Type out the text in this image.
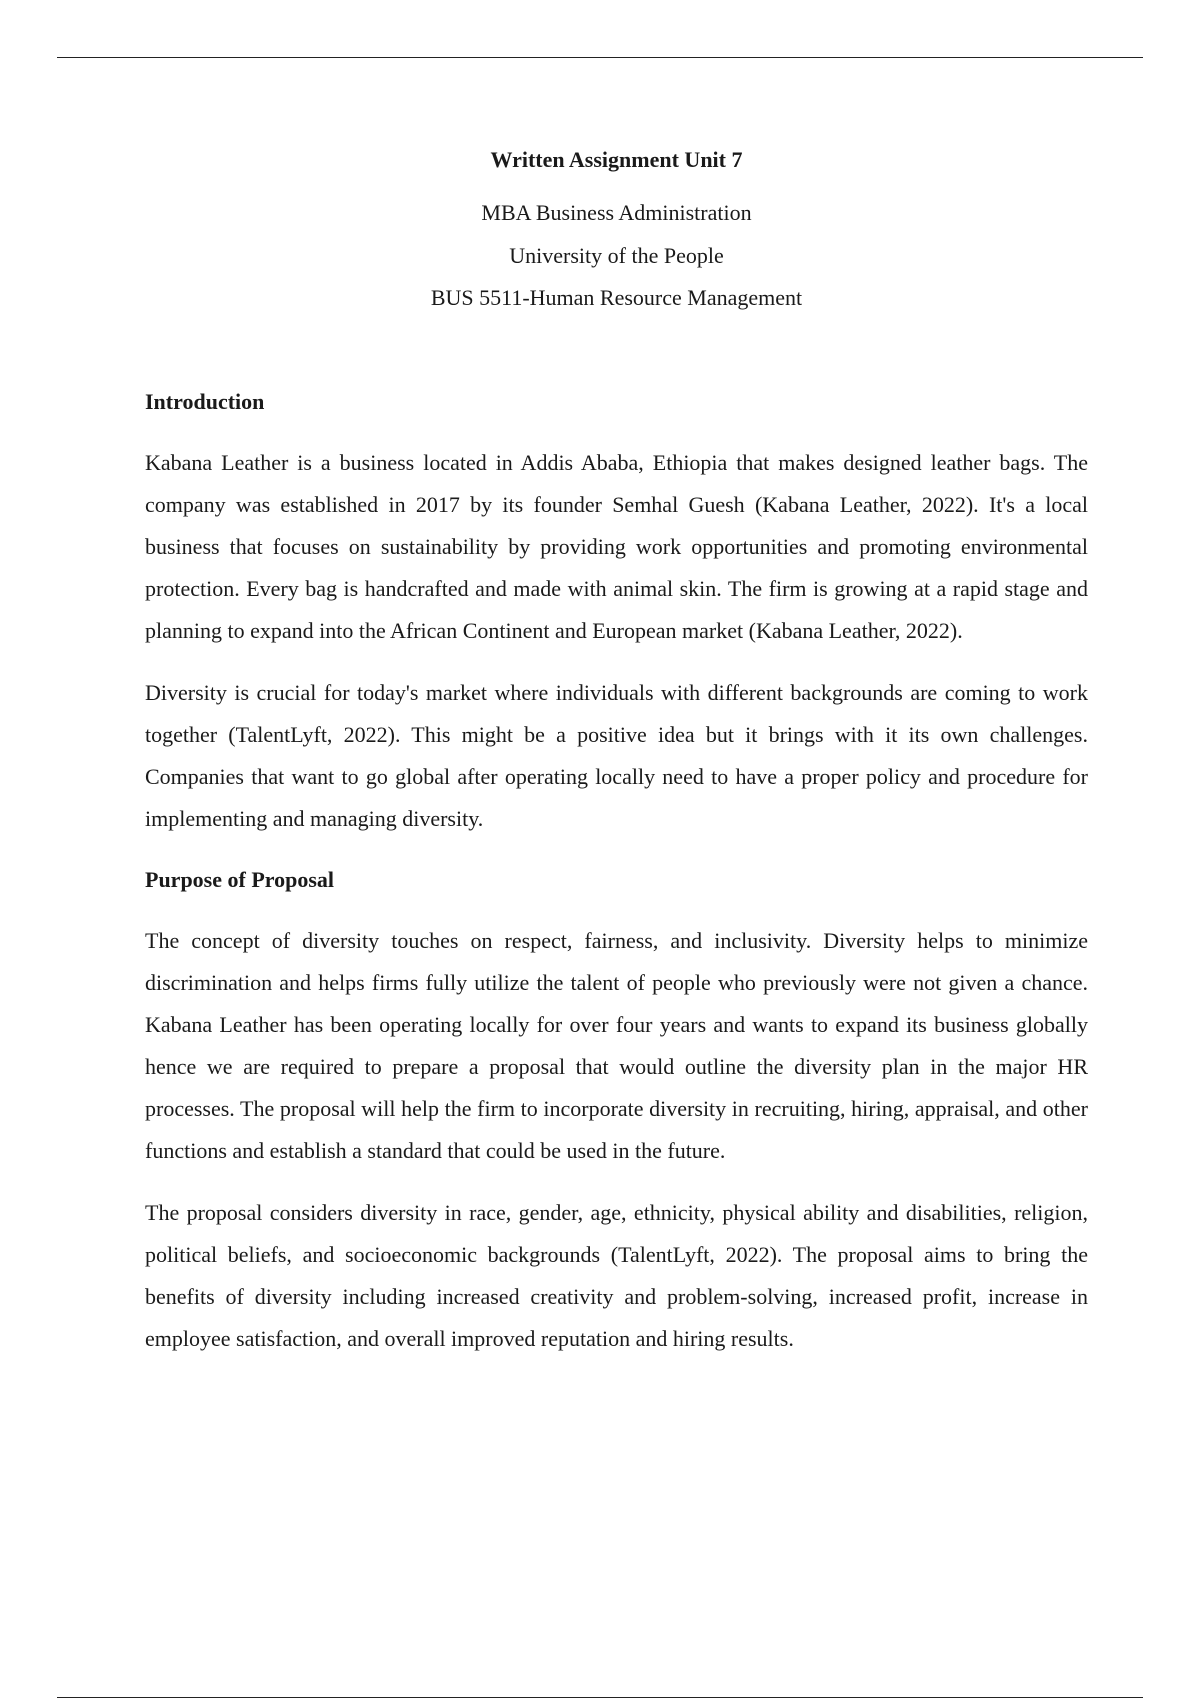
Written Assignment Unit 7

MBA Business Administration

University of the People

BUS 5511-Human Resource Management

Introduction

Kabana Leather is a business located in Addis Ababa, Ethiopia that makes designed leather bags. The company was established in 2017 by its founder Semhal Guesh (Kabana Leather, 2022). It's a local business that focuses on sustainability by providing work opportunities and promoting environmental protection. Every bag is handcrafted and made with animal skin. The firm is growing at a rapid stage and planning to expand into the African Continent and European market (Kabana Leather, 2022).

Diversity is crucial for today's market where individuals with different backgrounds are coming to work together (TalentLyft, 2022). This might be a positive idea but it brings with it its own challenges. Companies that want to go global after operating locally need to have a proper policy and procedure for implementing and managing diversity.

Purpose of Proposal

The concept of diversity touches on respect, fairness, and inclusivity. Diversity helps to minimize discrimination and helps firms fully utilize the talent of people who previously were not given a chance. Kabana Leather has been operating locally for over four years and wants to expand its business globally hence we are required to prepare a proposal that would outline the diversity plan in the major HR processes. The proposal will help the firm to incorporate diversity in recruiting, hiring, appraisal, and other functions and establish a standard that could be used in the future.

The proposal considers diversity in race, gender, age, ethnicity, physical ability and disabilities, religion, political beliefs, and socioeconomic backgrounds (TalentLyft, 2022). The proposal aims to bring the benefits of diversity including increased creativity and problem-solving, increased profit, increase in employee satisfaction, and overall improved reputation and hiring results.
